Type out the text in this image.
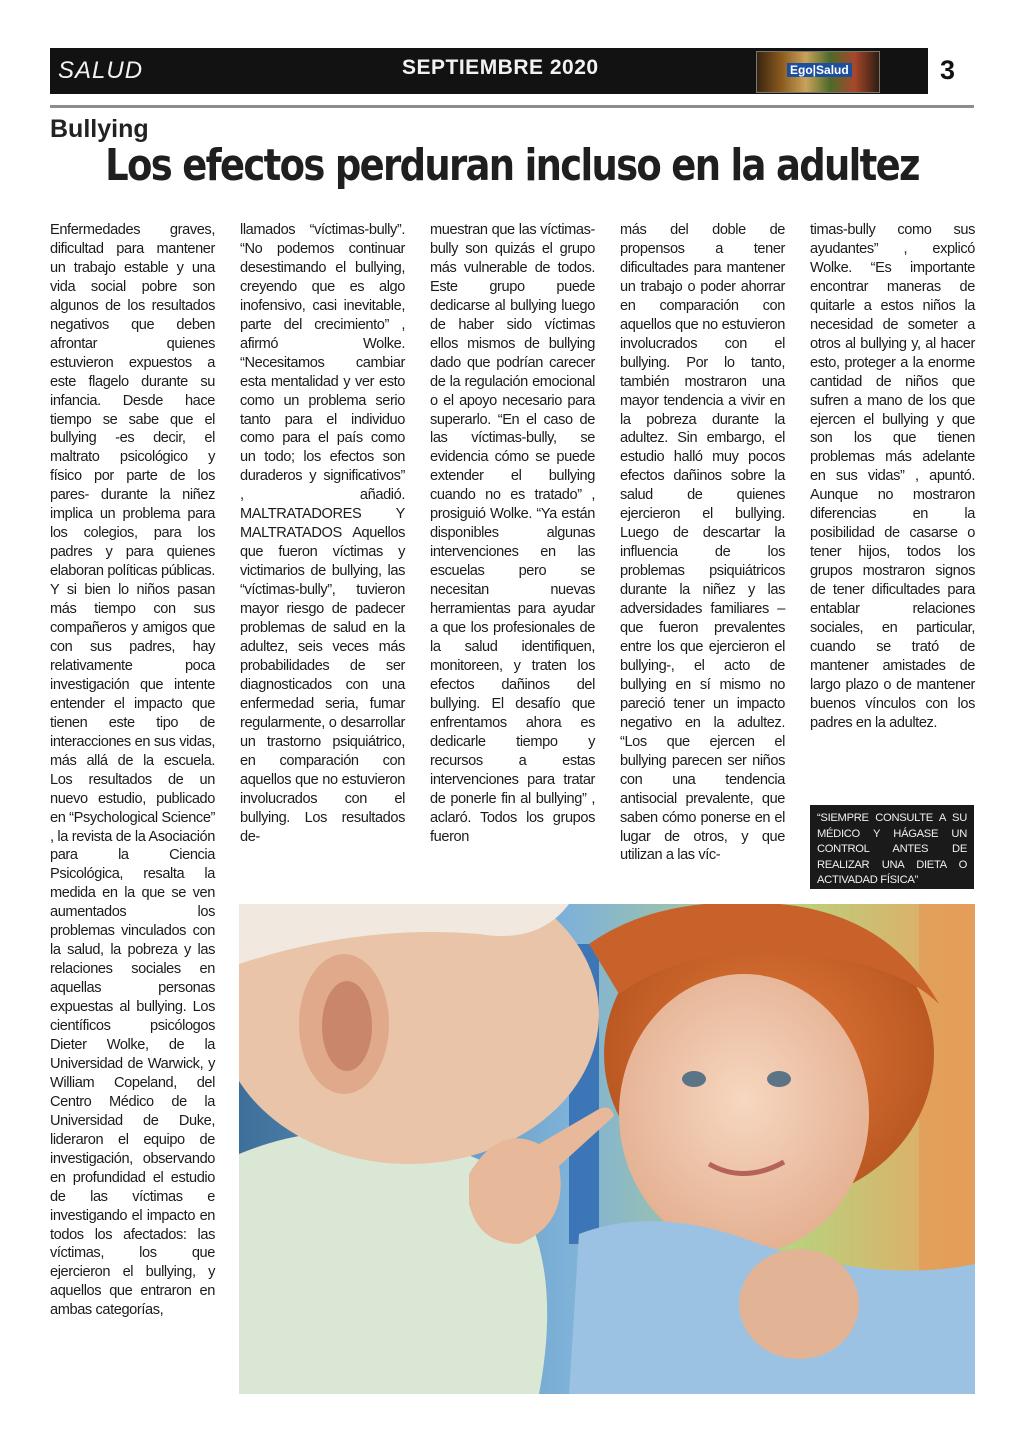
SALUD	SEPTIEMBRE 2020	Ego|Salud	3
Bullying
Los efectos perduran incluso en la adultez
Enfermedades graves, dificultad para mantener un trabajo estable y una vida social pobre son algunos de los resultados negativos que deben afrontar quienes estuvieron expuestos a este flagelo durante su infancia. Desde hace tiempo se sabe que el bullying -es decir, el maltrato psicológico y físico por parte de los pares- durante la niñez implica un problema para los colegios, para los padres y para quienes elaboran políticas públicas. Y si bien lo niños pasan más tiempo con sus compañeros y amigos que con sus padres, hay relativamente poca investigación que intente entender el impacto que tienen este tipo de interacciones en sus vidas, más allá de la escuela. Los resultados de un nuevo estudio, publicado en “Psychological Science” , la revista de la Asociación para la Ciencia Psicológica, resalta la medida en la que se ven aumentados los problemas vinculados con la salud, la pobreza y las relaciones sociales en aquellas personas expuestas al bullying. Los científicos psicólogos Dieter Wolke, de la Universidad de Warwick, y William Copeland, del Centro Médico de la Universidad de Duke, lideraron el equipo de investigación, observando en profundidad el estudio de las víctimas e investigando el impacto en todos los afectados: las víctimas, los que ejercieron el bullying, y aquellos que entraron en ambas categorías,
llamados “víctimas-bully”. “No podemos continuar desestimando el bullying, creyendo que es algo inofensivo, casi inevitable, parte del crecimiento” , afirmó Wolke. “Necesitamos cambiar esta mentalidad y ver esto como un problema serio tanto para el individuo como para el país como un todo; los efectos son duraderos y significativos” , añadió. MALTRATADORES Y MALTRATADOS Aquellos que fueron víctimas y victimarios de bullying, las “víctimas-bully”, tuvieron mayor riesgo de padecer problemas de salud en la adultez, seis veces más probabilidades de ser diagnosticados con una enfermedad seria, fumar regularmente, o desarrollar un trastorno psiquiátrico, en comparación con aquellos que no estuvieron involucrados con el bullying. Los resultados de-
muestran que las víctimas-bully son quizás el grupo más vulnerable de todos. Este grupo puede dedicarse al bullying luego de haber sido víctimas ellos mismos de bullying dado que podrían carecer de la regulación emocional o el apoyo necesario para superarlo. “En el caso de las víctimas-bully, se evidencia cómo se puede extender el bullying cuando no es tratado” , prosiguió Wolke. “Ya están disponibles algunas intervenciones en las escuelas pero se necesitan nuevas herramientas para ayudar a que los profesionales de la salud identifiquen, monitoreen, y traten los efectos dañinos del bullying. El desafío que enfrentamos ahora es dedicarle tiempo y recursos a estas intervenciones para tratar de ponerle fin al bullying” , aclaró. Todos los grupos fueron
más del doble de propensos a tener dificultades para mantener un trabajo o poder ahorrar en comparación con aquellos que no estuvieron involucrados con el bullying. Por lo tanto, también mostraron una mayor tendencia a vivir en la pobreza durante la adultez. Sin embargo, el estudio halló muy pocos efectos dañinos sobre la salud de quienes ejercieron el bullying. Luego de descartar la influencia de los problemas psiquiátricos durante la niñez y las adversidades familiares –que fueron prevalentes entre los que ejercieron el bullying-, el acto de bullying en sí mismo no pareció tener un impacto negativo en la adultez. “Los que ejercen el bullying parecen ser niños con una tendencia antisocial prevalente, que saben cómo ponerse en el lugar de otros, y que utilizan a las víc-
timas-bully como sus ayudantes” , explicó Wolke. “Es importante encontrar maneras de quitarle a estos niños la necesidad de someter a otros al bullying y, al hacer esto, proteger a la enorme cantidad de niños que sufren a mano de los que ejercen el bullying y que son los que tienen problemas más adelante en sus vidas” , apuntó. Aunque no mostraron diferencias en la posibilidad de casarse o tener hijos, todos los grupos mostraron signos de tener dificultades para entablar relaciones sociales, en particular, cuando se trató de mantener amistades de largo plazo o de mantener buenos vínculos con los padres en la adultez.
“SIEMPRE CONSULTE A SU MÉDICO Y HÁGASE UN CONTROL ANTES DE REALIZAR UNA DIETA O ACTIVADAD FÍSICA”
